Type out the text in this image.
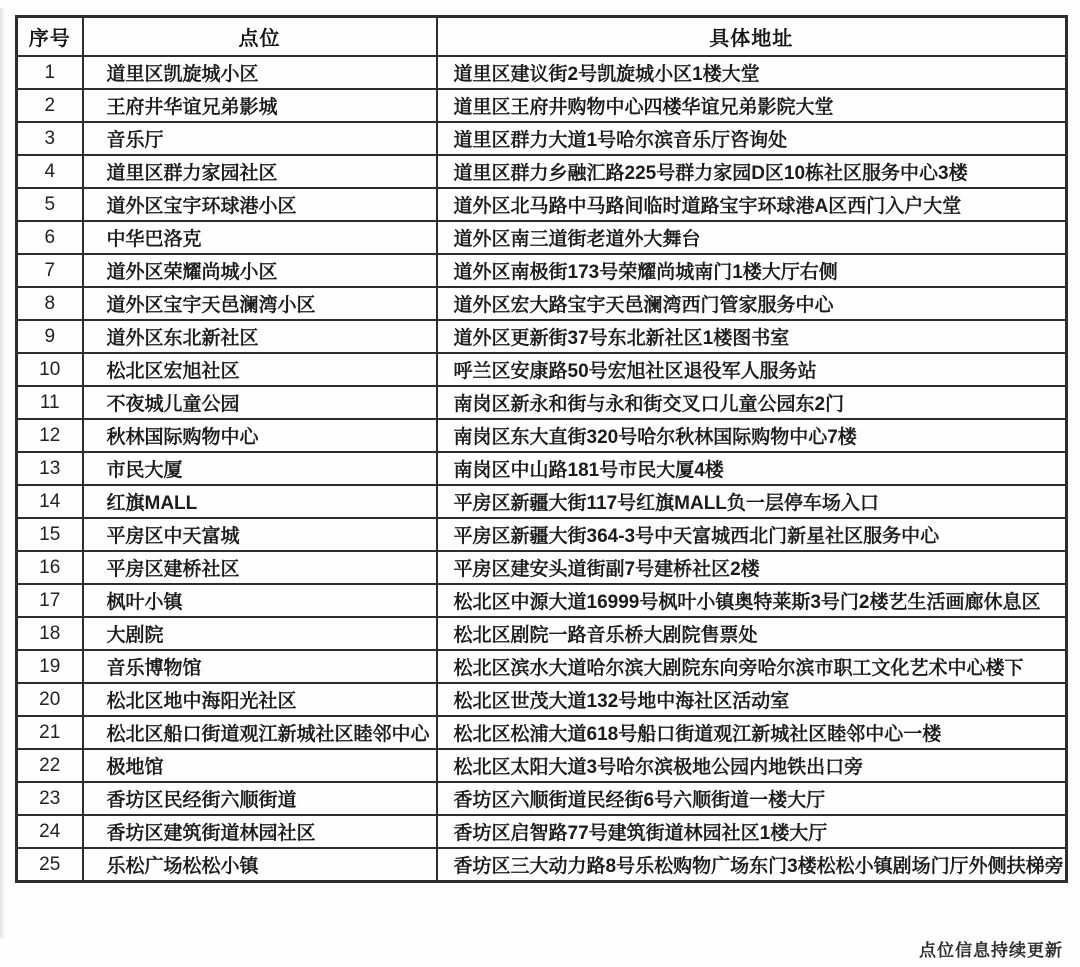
序号	点位	具体地址
1	道里区凯旋城小区	道里区建议街2号凯旋城小区1楼大堂
2	王府井华谊兄弟影城	道里区王府井购物中心四楼华谊兄弟影院大堂
3	音乐厅	道里区群力大道1号哈尔滨音乐厅咨询处
4	道里区群力家园社区	道里区群力乡融汇路225号群力家园D区10栋社区服务中心3楼
5	道外区宝宇环球港小区	道外区北马路中马路间临时道路宝宇环球港A区西门入户大堂
6	中华巴洛克	道外区南三道街老道外大舞台
7	道外区荣耀尚城小区	道外区南极街173号荣耀尚城南门1楼大厅右侧
8	道外区宝宇天邑澜湾小区	道外区宏大路宝宇天邑澜湾西门管家服务中心
9	道外区东北新社区	道外区更新街37号东北新社区1楼图书室
10	松北区宏旭社区	呼兰区安康路50号宏旭社区退役军人服务站
11	不夜城儿童公园	南岗区新永和街与永和街交叉口儿童公园东2门
12	秋林国际购物中心	南岗区东大直街320号哈尔秋林国际购物中心7楼
13	市民大厦	南岗区中山路181号市民大厦4楼
14	红旗MALL	平房区新疆大街117号红旗MALL负一层停车场入口
15	平房区中天富城	平房区新疆大街364-3号中天富城西北门新星社区服务中心
16	平房区建桥社区	平房区建安头道街副7号建桥社区2楼
17	枫叶小镇	松北区中源大道16999号枫叶小镇奥特莱斯3号门2楼艺生活画廊休息区
18	大剧院	松北区剧院一路音乐桥大剧院售票处
19	音乐博物馆	松北区滨水大道哈尔滨大剧院东向旁哈尔滨市职工文化艺术中心楼下
20	松北区地中海阳光社区	松北区世茂大道132号地中海社区活动室
21	松北区船口街道观江新城社区睦邻中心	松北区松浦大道618号船口街道观江新城社区睦邻中心一楼
22	极地馆	松北区太阳大道3号哈尔滨极地公园内地铁出口旁
23	香坊区民经街六顺街道	香坊区六顺街道民经街6号六顺街道一楼大厅
24	香坊区建筑街道林园社区	香坊区启智路77号建筑街道林园社区1楼大厅
25	乐松广场松松小镇	香坊区三大动力路8号乐松购物广场东门3楼松松小镇剧场门厅外侧扶梯旁
点位信息持续更新
